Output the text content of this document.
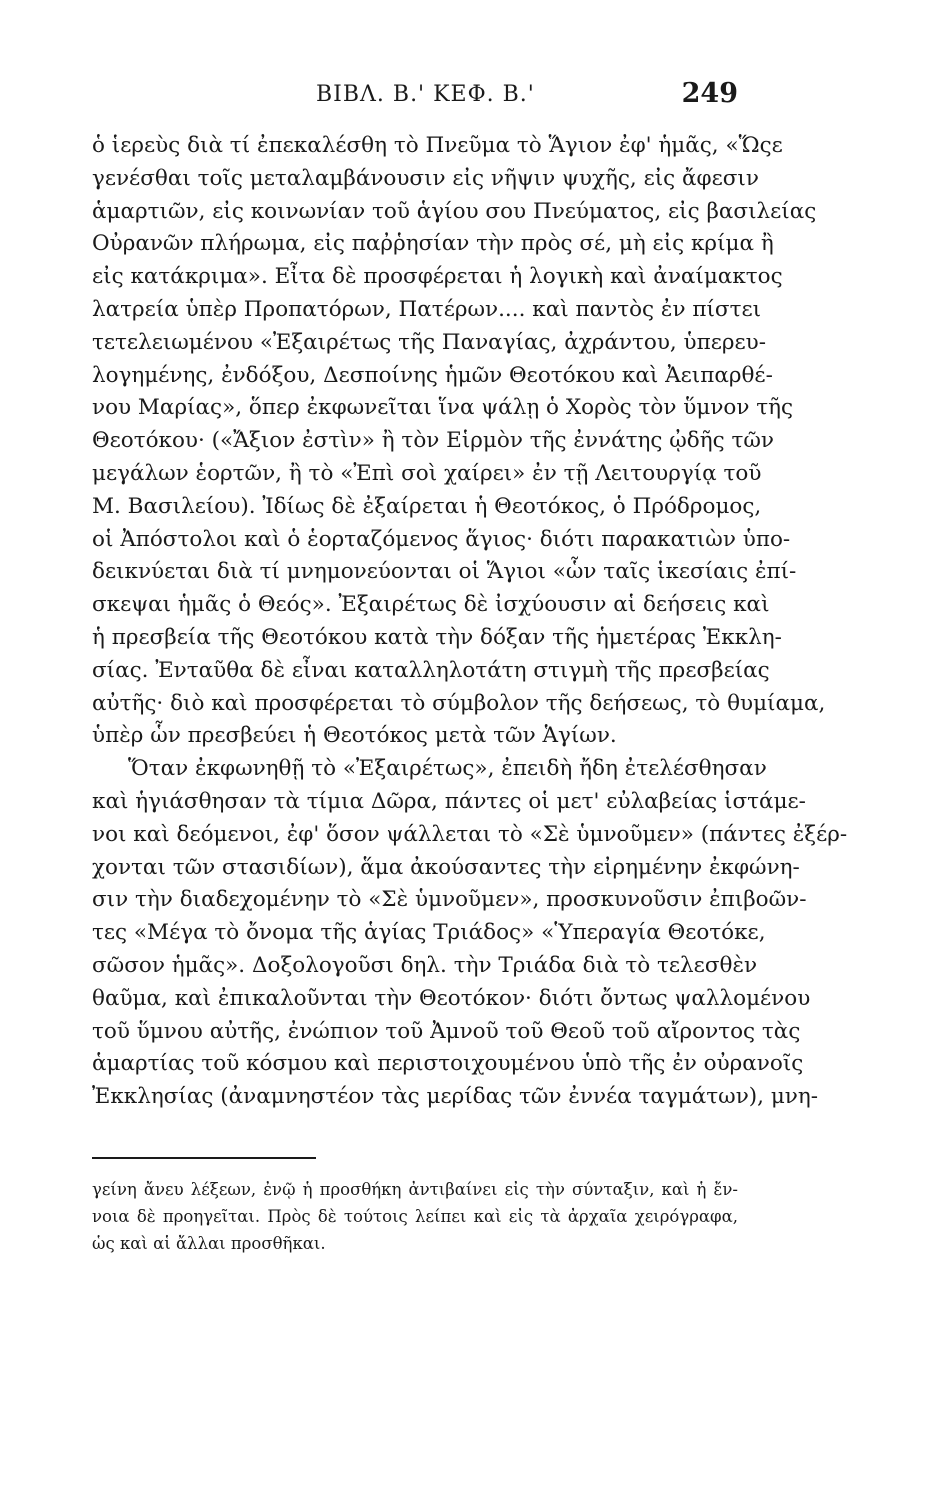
ΒΙΒΛ. Β.' ΚΕΦ. Β.'	249
ὁ ἱερεὺς διὰ τί ἐπεκαλέσθη τὸ Πνεῦμα τὸ Ἅγιον ἐφ' ἡμᾶς, «Ὥςε
γενέσθαι τοῖς μεταλαμβάνουσιν εἰς νῆψιν ψυχῆς, εἰς ἄφεσιν
ἁμαρτιῶν, εἰς κοινωνίαν τοῦ ἁγίου σου Πνεύματος, εἰς βασιλείας
Οὐρανῶν πλήρωμα, εἰς παῤῥησίαν τὴν πρὸς σέ, μὴ εἰς κρίμα ἢ
εἰς κατάκριμα». Εἶτα δὲ προσφέρεται ἡ λογικὴ καὶ ἀναίμακτος
λατρεία ὑπὲρ Προπατόρων, Πατέρων.... καὶ παντὸς ἐν πίστει
τετελειωμένου «Ἐξαιρέτως τῆς Παναγίας, ἀχράντου, ὑπερευ-
λογημένης, ἐνδόξου, Δεσποίνης ἡμῶν Θεοτόκου καὶ Ἀειπαρθέ-
νου Μαρίας», ὅπερ ἐκφωνεῖται ἵνα ψάλῃ ὁ Χορὸς τὸν ὕμνον τῆς
Θεοτόκου· («Ἄξιον ἐστὶν» ἢ τὸν Εἱρμὸν τῆς ἐννάτης ᾠδῆς τῶν
μεγάλων ἑορτῶν, ἢ τὸ «Ἐπὶ σοὶ χαίρει» ἐν τῇ Λειτουργίᾳ τοῦ
Μ. Βασιλείου). Ἰδίως δὲ ἐξαίρεται ἡ Θεοτόκος, ὁ Πρόδρομος,
οἱ Ἀπόστολοι καὶ ὁ ἑορταζόμενος ἅγιος· διότι παρακατιὼν ὑπο-
δεικνύεται διὰ τί μνημονεύονται οἱ Ἅγιοι «ὧν ταῖς ἱκεσίαις ἐπί-
σκεψαι ἡμᾶς ὁ Θεός». Ἐξαιρέτως δὲ ἰσχύουσιν αἱ δεήσεις καὶ
ἡ πρεσβεία τῆς Θεοτόκου κατὰ τὴν δόξαν τῆς ἡμετέρας Ἐκκλη-
σίας. Ἐνταῦθα δὲ εἶναι καταλληλοτάτη στιγμὴ τῆς πρεσβείας
αὐτῆς· διὸ καὶ προσφέρεται τὸ σύμβολον τῆς δεήσεως, τὸ θυμίαμα,
ὑπὲρ ὧν πρεσβεύει ἡ Θεοτόκος μετὰ τῶν Ἁγίων.
Ὅταν ἐκφωνηθῇ τὸ «Ἐξαιρέτως», ἐπειδὴ ἤδη ἐτελέσθησαν
καὶ ἡγιάσθησαν τὰ τίμια Δῶρα, πάντες οἱ μετ' εὐλαβείας ἱστάμε-
νοι καὶ δεόμενοι, ἐφ' ὅσον ψάλλεται τὸ «Σὲ ὑμνοῦμεν» (πάντες ἐξέρ-
χονται τῶν στασιδίων), ἅμα ἀκούσαντες τὴν εἰρημένην ἐκφώνη-
σιν τὴν διαδεχομένην τὸ «Σὲ ὑμνοῦμεν», προσκυνοῦσιν ἐπιβοῶν-
τες «Μέγα τὸ ὄνομα τῆς ἁγίας Τριάδος» «Ὑπεραγία Θεοτόκε,
σῶσον ἡμᾶς». Δοξολογοῦσι δηλ. τὴν Τριάδα διὰ τὸ τελεσθὲν
θαῦμα, καὶ ἐπικαλοῦνται τὴν Θεοτόκον· διότι ὄντως ψαλλομένου
τοῦ ὕμνου αὐτῆς, ἐνώπιον τοῦ Ἀμνοῦ τοῦ Θεοῦ τοῦ αἴροντος τὰς
ἁμαρτίας τοῦ κόσμου καὶ περιστοιχουμένου ὑπὸ τῆς ἐν οὐρανοῖς
Ἐκκλησίας (ἀναμνηστέον τὰς μερίδας τῶν ἐννέα ταγμάτων), μνη-
γείνη ἄνευ λέξεων, ἐνῷ ἡ προσθήκη ἀντιβαίνει εἰς τὴν σύνταξιν, καὶ ἡ ἔν-
νοια δὲ προηγεῖται. Πρὸς δὲ τούτοις λείπει καὶ εἰς τὰ ἀρχαῖα χειρόγραφα,
ὡς καὶ αἱ ἄλλαι προσθῆκαι.
